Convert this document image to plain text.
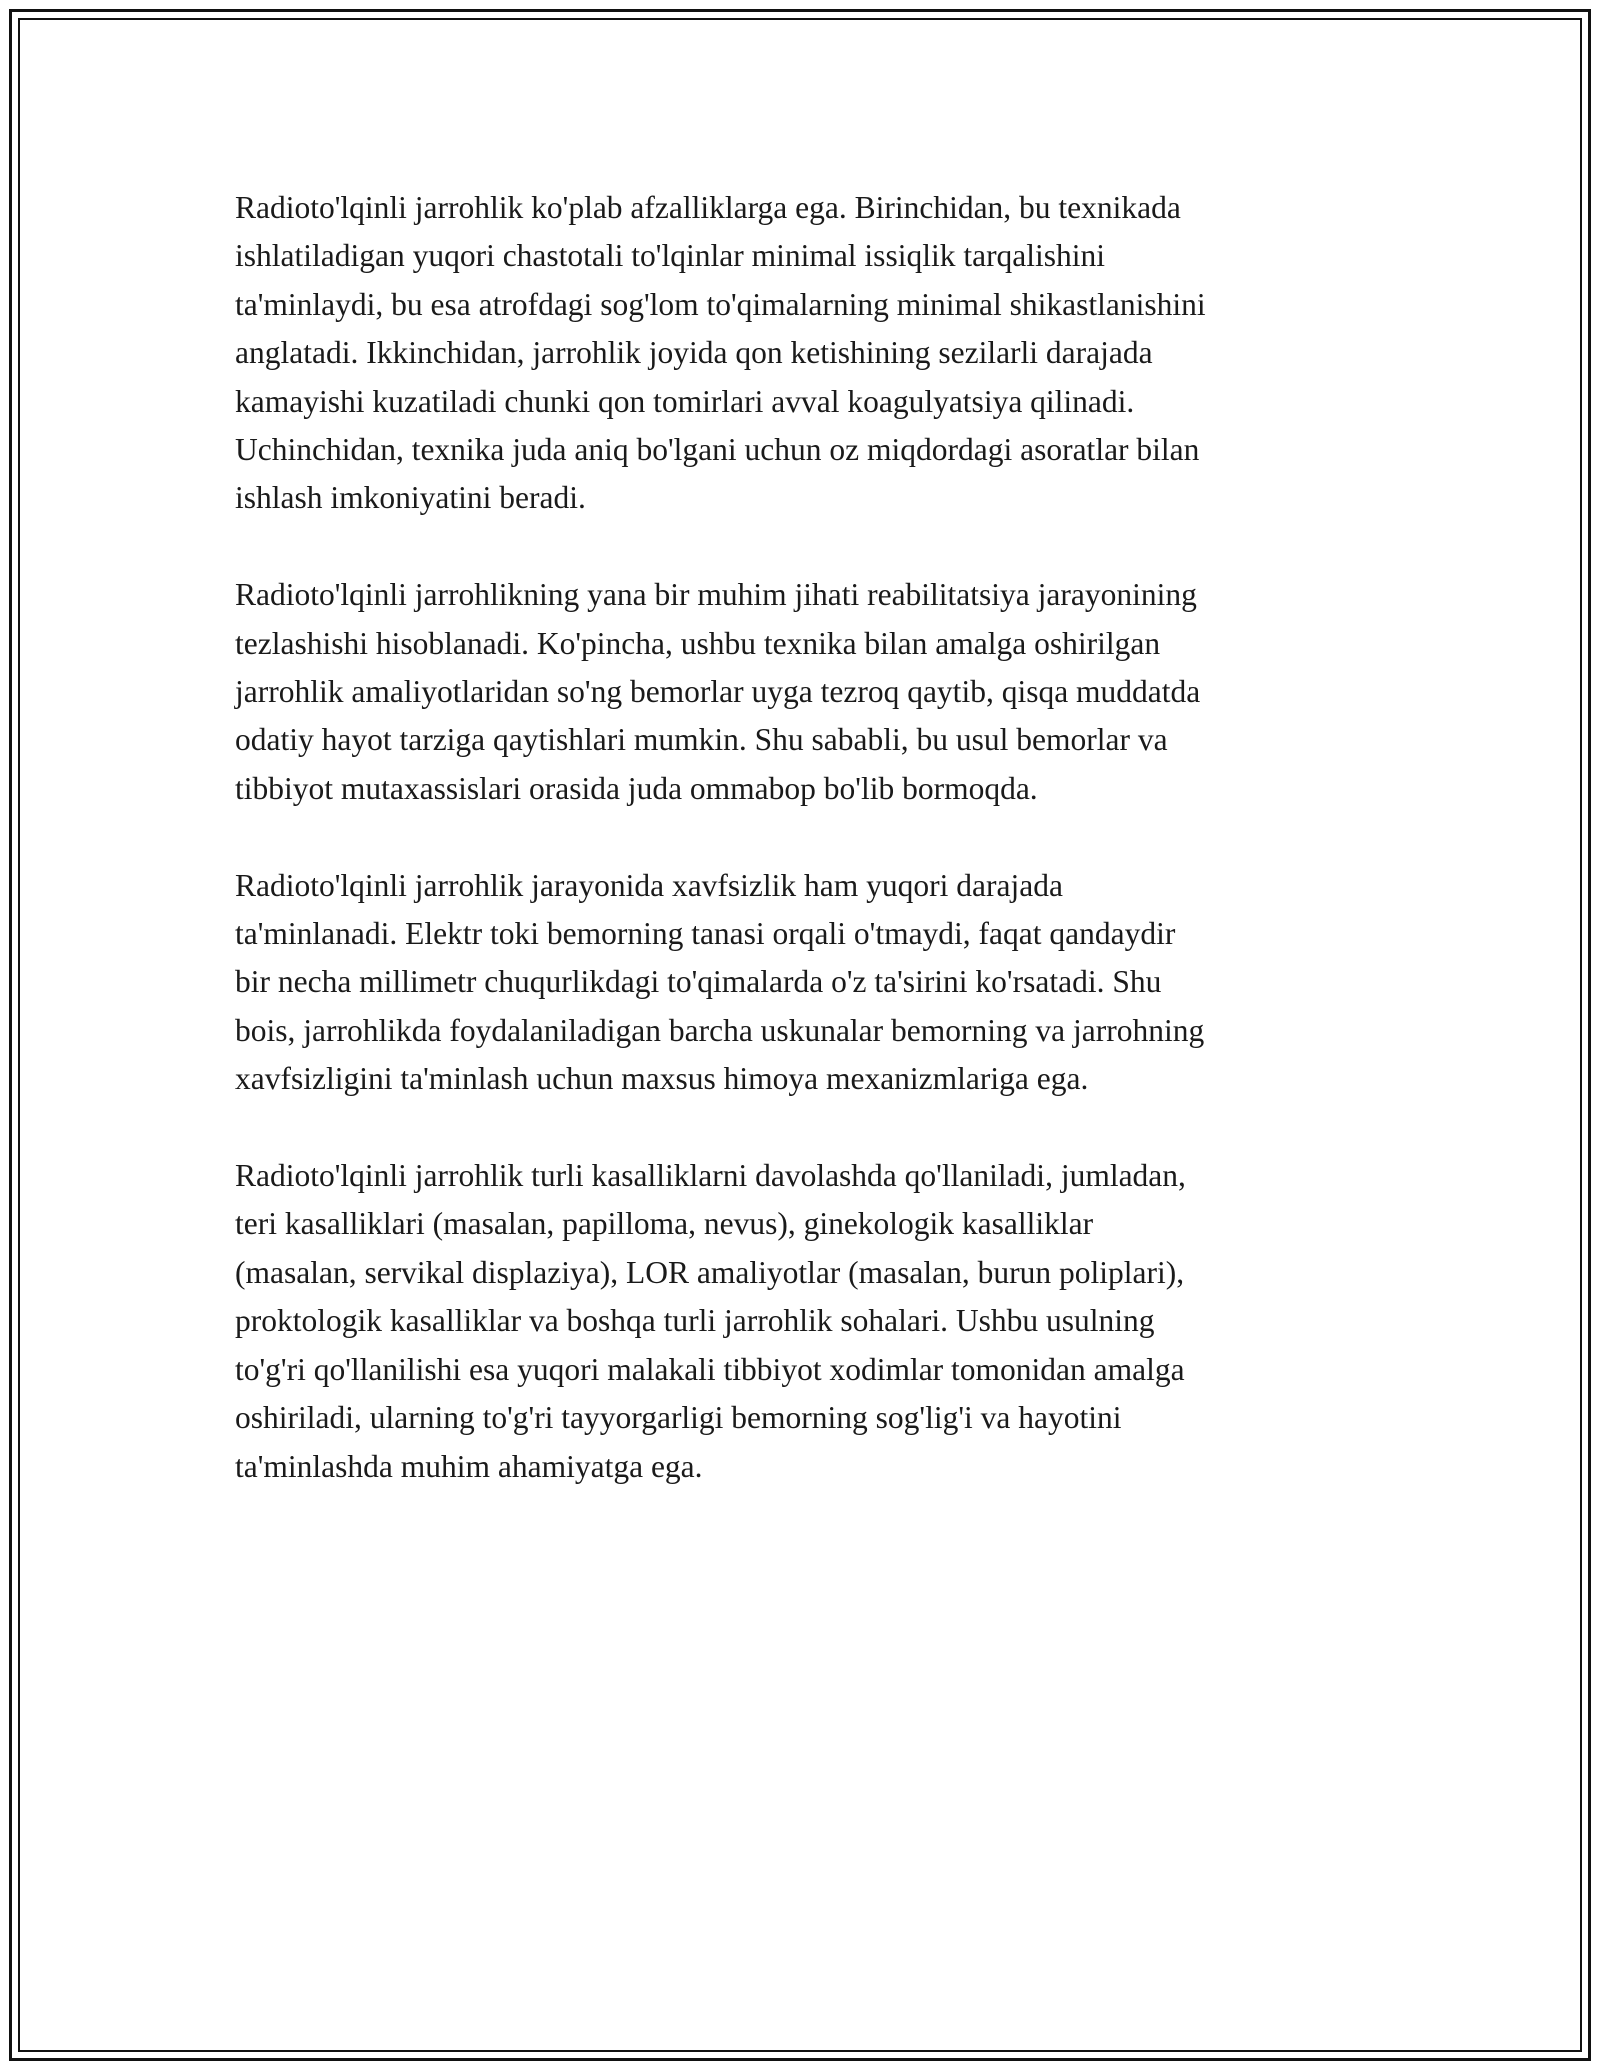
Radioto'lqinli jarrohlik ko'plab afzalliklarga ega. Birinchidan, bu texnikada
ishlatiladigan yuqori chastotali to'lqinlar minimal issiqlik tarqalishini
ta'minlaydi, bu esa atrofdagi sog'lom to'qimalarning minimal shikastlanishini
anglatadi. Ikkinchidan, jarrohlik joyida qon ketishining sezilarli darajada
kamayishi kuzatiladi chunki qon tomirlari avval koagulyatsiya qilinadi.
Uchinchidan, texnika juda aniq bo'lgani uchun oz miqdordagi asoratlar bilan
ishlash imkoniyatini beradi.

Radioto'lqinli jarrohlikning yana bir muhim jihati reabilitatsiya jarayonining
tezlashishi hisoblanadi. Ko'pincha, ushbu texnika bilan amalga oshirilgan
jarrohlik amaliyotlaridan so'ng bemorlar uyga tezroq qaytib, qisqa muddatda
odatiy hayot tarziga qaytishlari mumkin. Shu sababli, bu usul bemorlar va
tibbiyot mutaxassislari orasida juda ommabop bo'lib bormoqda.

Radioto'lqinli jarrohlik jarayonida xavfsizlik ham yuqori darajada
ta'minlanadi. Elektr toki bemorning tanasi orqali o'tmaydi, faqat qandaydir
bir necha millimetr chuqurlikdagi to'qimalarda o'z ta'sirini ko'rsatadi. Shu
bois, jarrohlikda foydalaniladigan barcha uskunalar bemorning va jarrohning
xavfsizligini ta'minlash uchun maxsus himoya mexanizmlariga ega.

Radioto'lqinli jarrohlik turli kasalliklarni davolashda qo'llaniladi, jumladan,
teri kasalliklari (masalan, papilloma, nevus), ginekologik kasalliklar
(masalan, servikal displaziya), LOR amaliyotlar (masalan, burun poliplari),
proktologik kasalliklar va boshqa turli jarrohlik sohalari. Ushbu usulning
to'g'ri qo'llanilishi esa yuqori malakali tibbiyot xodimlar tomonidan amalga
oshiriladi, ularning to'g'ri tayyorgarligi bemorning sog'lig'i va hayotini
ta'minlashda muhim ahamiyatga ega.
